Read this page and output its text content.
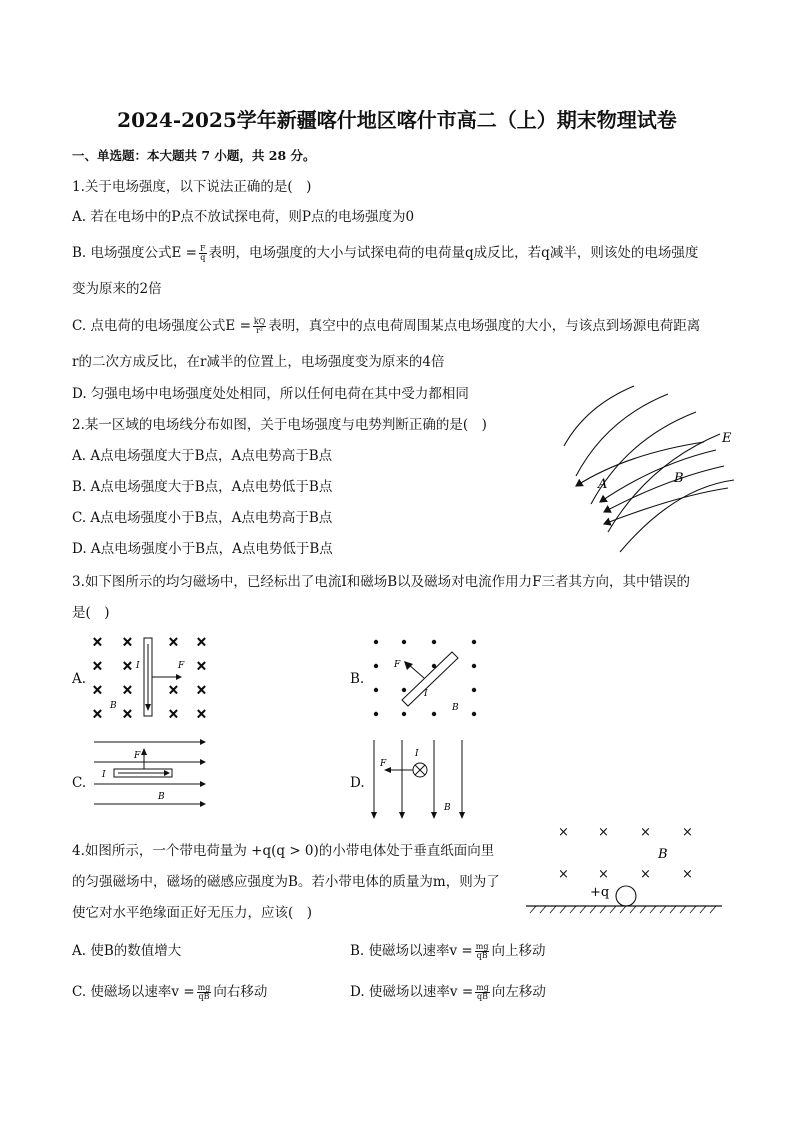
2024-2025学年新疆喀什地区喀什市高二（上）期末物理试卷
一、单选题：本大题共 7 小题，共 28 分。
1.关于电场强度，以下说法正确的是(　)
A. 若在电场中的P点不放试探电荷，则P点的电场强度为0
B. 电场强度公式$E = \frac{F}{q}$ 表明，电场强度的大小与试探电荷的电荷量q成反比，若q减半，则该处的电场强度
变为原来的2倍
C. 点电荷的电场强度公式$E = \frac{kQ}{\text{r²}}$ 表明，真空中的点电荷周围某点电场强度的大小，与该点到场源电荷距离
r的二次方成反比，在r减半的位置上，电场强度变为原来的4倍
D. 匀强电场中电场强度处处相同，所以任何电荷在其中受力都相同
2.某一区域的电场线分布如图，关于电场强度与电势判断正确的是(　)
A. A点电场强度大于B点，A点电势高于B点
B. A点电场强度大于B点，A点电势低于B点
C. A点电场强度小于B点，A点电势高于B点
D. A点电场强度小于B点，A点电势低于B点
E
A	B
3.如下图所示的均匀磁场中，已经标出了电流I和磁场B以及磁场对电流作用力F三者其方向，其中错误的
是(　)
A.
× ×	× ×
× ×	×
× ×	× ×
× ×	× ×
I	F
B
B.
F
I
B
C.
F
I
B
D.
F
I
B
4.如图所示，一个带电荷量为 +q(q > 0)的小带电体处于垂直纸面向里
的匀强磁场中，磁场的磁感应强度为B。若小带电体的质量为m，则为了
使它对水平绝缘面正好无压力，应该(　)
A. 使B的数值增大	B. 使磁场以速率$v = \frac{mg}{qB}$ 向上移动
C. 使磁场以速率$v = \frac{mg}{qB}$ 向右移动	D. 使磁场以速率$v = \frac{mg}{qB}$ 向左移动
× × × ×
× × × ×
B
+q
